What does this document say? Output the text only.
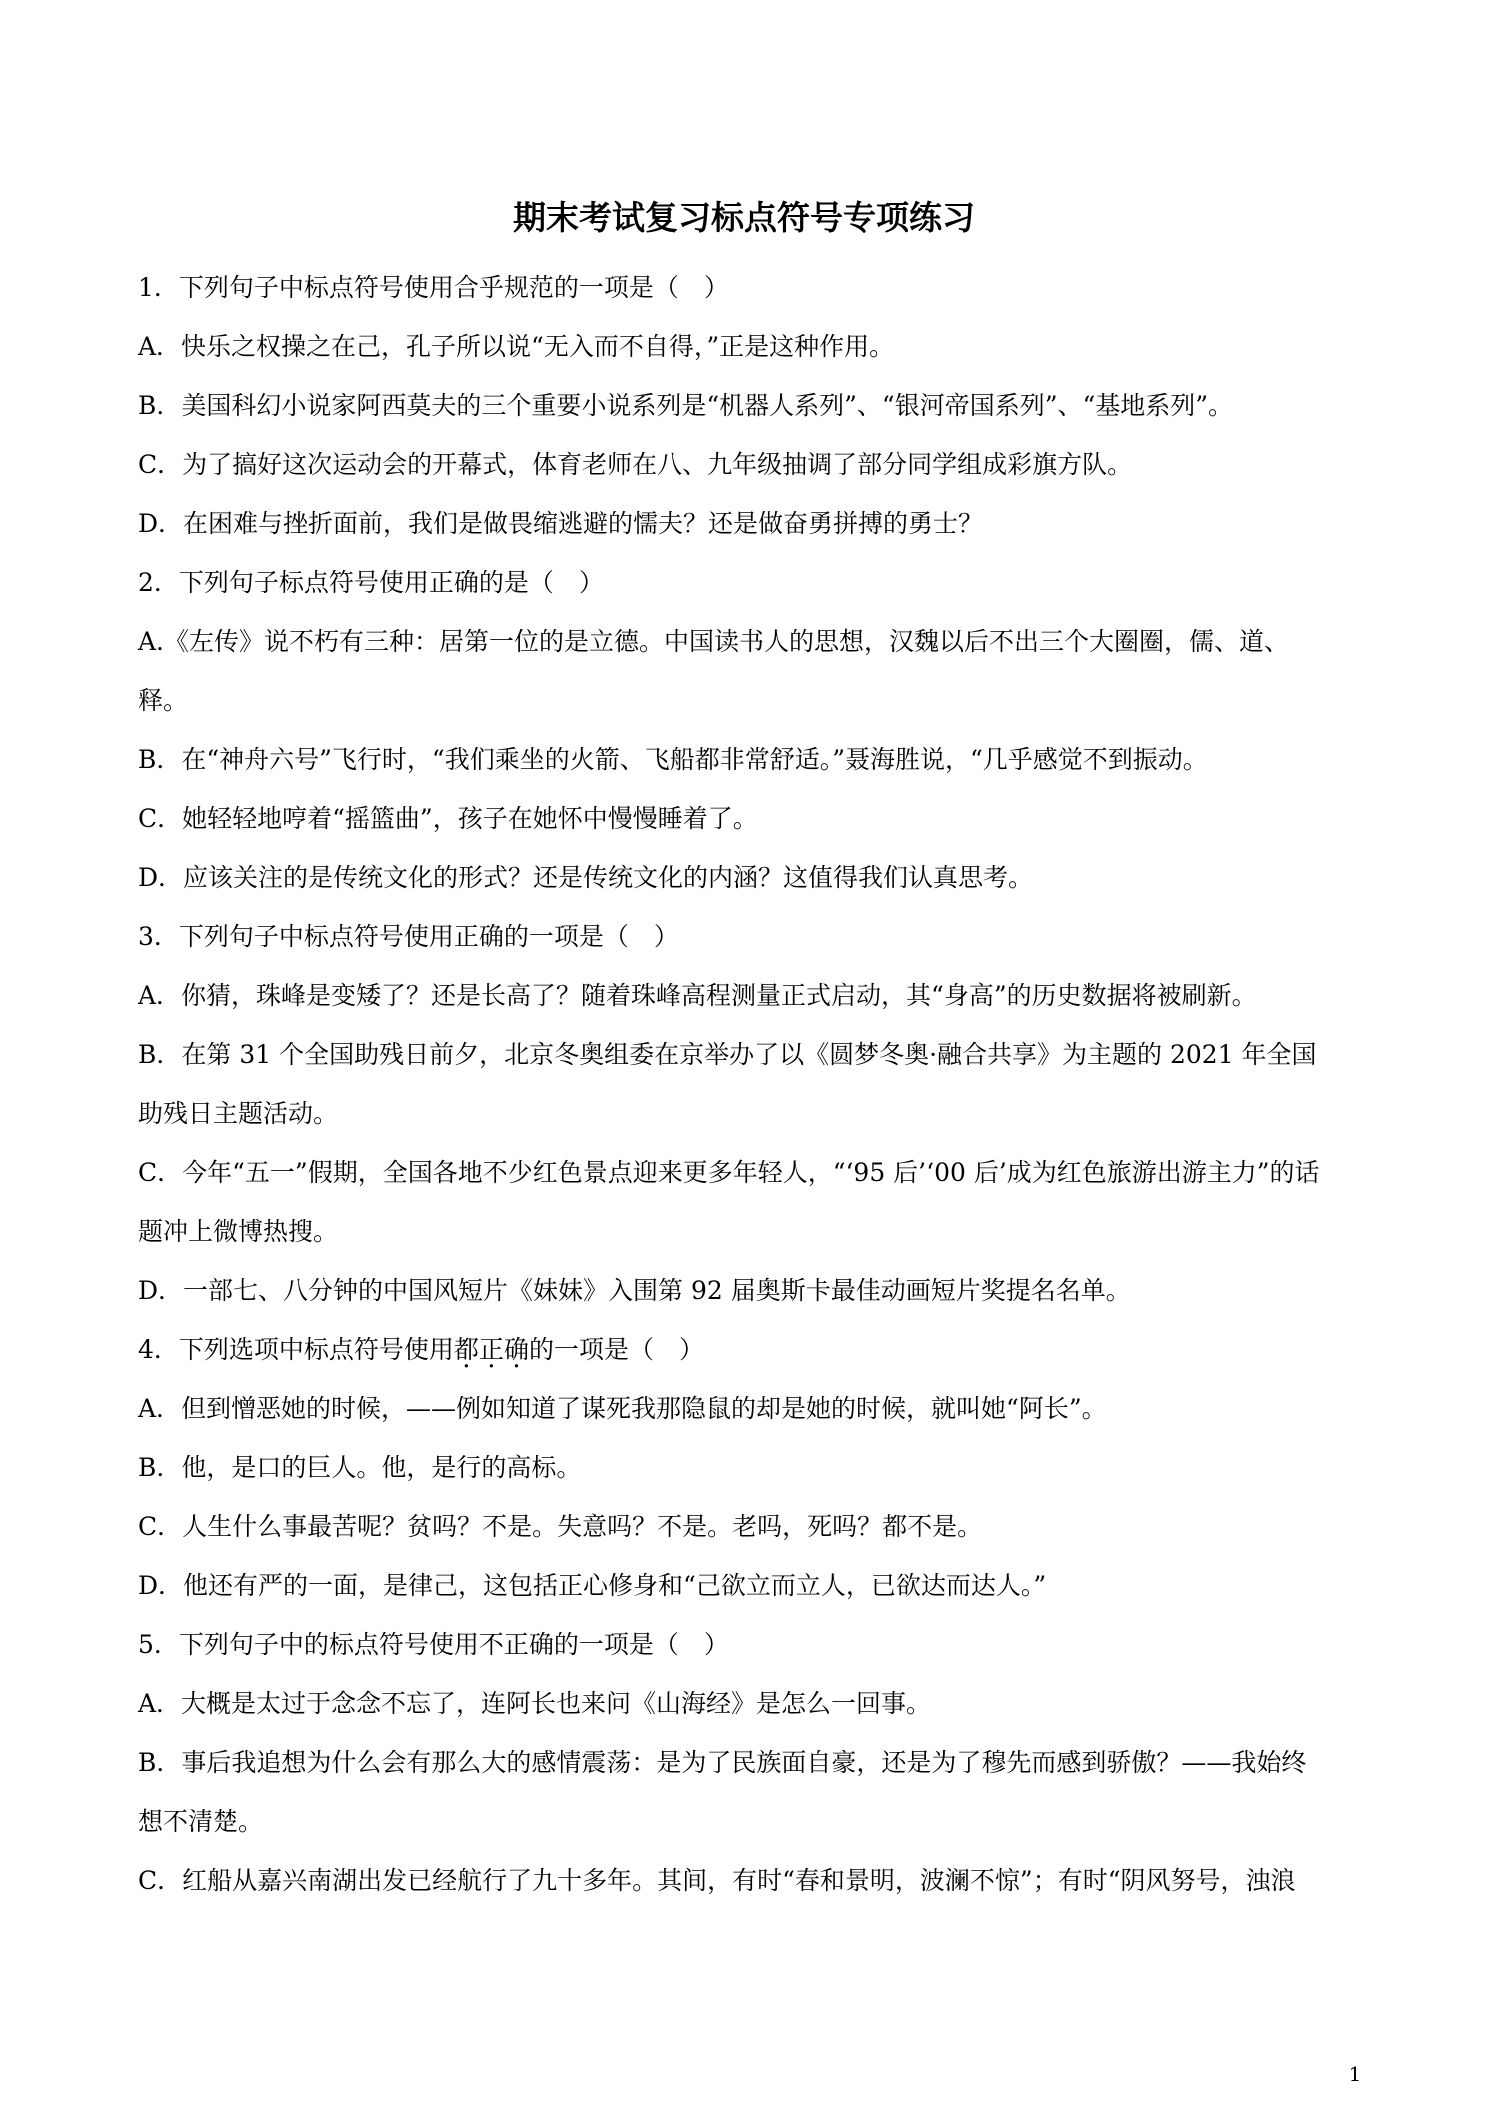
期末考试复习标点符号专项练习

1．下列句子中标点符号使用合乎规范的一项是（　）

A．快乐之权操之在己，孔子所以说“无入而不自得，”正是这种作用。

B．美国科幻小说家阿西莫夫的三个重要小说系列是“机器人系列”、“银河帝国系列”、“基地系列”。

C．为了搞好这次运动会的开幕式，体育老师在八、九年级抽调了部分同学组成彩旗方队。

D．在困难与挫折面前，我们是做畏缩逃避的懦夫？还是做奋勇拼搏的勇士？

2．下列句子标点符号使用正确的是（　）

A.《左传》说不朽有三种：居第一位的是立德。中国读书人的思想，汉魏以后不出三个大圈圈，儒、道、

释。

B．在“神舟六号”飞行时，“我们乘坐的火箭、飞船都非常舒适。”聂海胜说，“几乎感觉不到振动。

C．她轻轻地哼着“摇篮曲”，孩子在她怀中慢慢睡着了。

D．应该关注的是传统文化的形式？还是传统文化的内涵？这值得我们认真思考。

3．下列句子中标点符号使用正确的一项是（　）

A．你猜，珠峰是变矮了？还是长高了？随着珠峰高程测量正式启动，其“身高”的历史数据将被刷新。

B．在第 31 个全国助残日前夕，北京冬奥组委在京举办了以《圆梦冬奥·融合共享》为主题的 2021 年全国

助残日主题活动。

C．今年“五一”假期，全国各地不少红色景点迎来更多年轻人，“‘95 后’‘00 后’成为红色旅游出游主力”的话

题冲上微博热搜。

D．一部七、八分钟的中国风短片《妹妹》入围第 92 届奥斯卡最佳动画短片奖提名名单。

4．下列选项中标点符号使用都正确的一项是（　）

A．但到憎恶她的时候，——例如知道了谋死我那隐鼠的却是她的时候，就叫她“阿长”。

B．他，是口的巨人。他，是行的高标。

C．人生什么事最苦呢？贫吗？不是。失意吗？不是。老吗，死吗？都不是。

D．他还有严的一面，是律己，这包括正心修身和“己欲立而立人，已欲达而达人。”

5．下列句子中的标点符号使用不正确的一项是（　）

A．大概是太过于念念不忘了，连阿长也来问《山海经》是怎么一回事。

B．事后我追想为什么会有那么大的感情震荡：是为了民族面自豪，还是为了穆先而感到骄傲？——我始终

想不清楚。

C．红船从嘉兴南湖出发已经航行了九十多年。其间，有时“春和景明，波澜不惊”；有时“阴风努号，浊浪

1
